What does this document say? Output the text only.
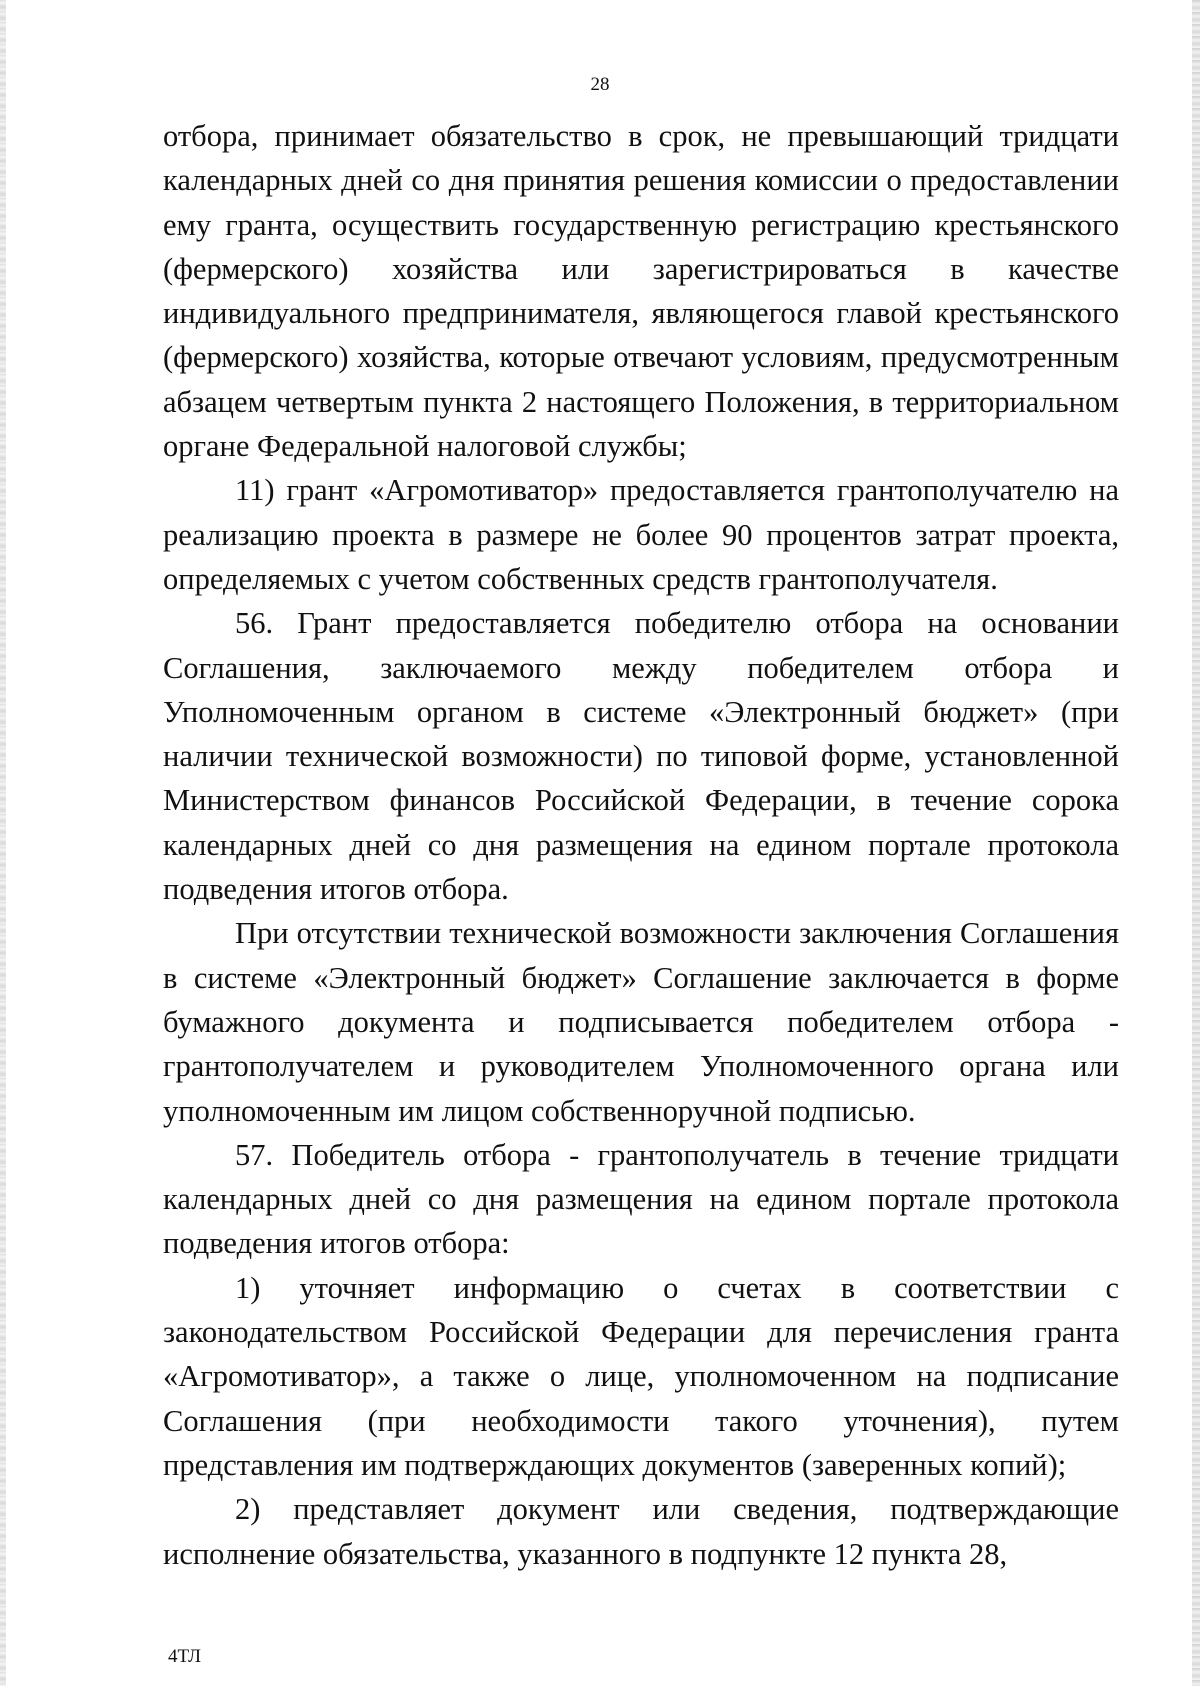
28

отбора, принимает обязательство в срок, не превышающий тридцати календарных дней со дня принятия решения комиссии о предоставлении ему гранта, осуществить государственную регистрацию крестьянского (фермерского) хозяйства или зарегистрироваться в качестве индивидуального предпринимателя, являющегося главой крестьянского (фермерского) хозяйства, которые отвечают условиям, предусмотренным абзацем четвертым пункта 2 настоящего Положения, в территориальном органе Федеральной налоговой службы;

11) грант «Агромотиватор» предоставляется грантополучателю на реализацию проекта в размере не более 90 процентов затрат проекта, определяемых с учетом собственных средств грантополучателя.

56. Грант предоставляется победителю отбора на основании Соглашения, заключаемого между победителем отбора и Уполномоченным органом в системе «Электронный бюджет» (при наличии технической возможности) по типовой форме, установленной Министерством финансов Российской Федерации, в течение сорока календарных дней со дня размещения на едином портале протокола подведения итогов отбора.

При отсутствии технической возможности заключения Соглашения в системе «Электронный бюджет» Соглашение заключается в форме бумажного документа и подписывается победителем отбора - грантополучателем и руководителем Уполномоченного органа или уполномоченным им лицом собственноручной подписью.

57. Победитель отбора - грантополучатель в течение тридцати календарных дней со дня размещения на едином портале протокола подведения итогов отбора:

1) уточняет информацию о счетах в соответствии с законодательством Российской Федерации для перечисления гранта «Агромотиватор», а также о лице, уполномоченном на подписание Соглашения (при необходимости такого уточнения), путем представления им подтверждающих документов (заверенных копий);

2) представляет документ или сведения, подтверждающие исполнение обязательства, указанного в подпункте 12 пункта 28,

4ТЛ
